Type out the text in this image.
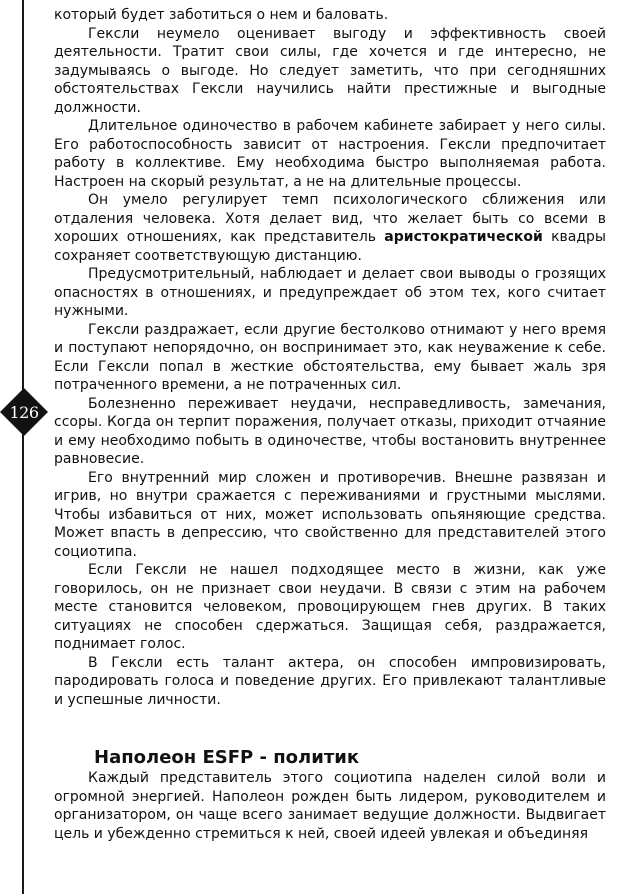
126

который будет заботиться о нем и баловать.

Гексли неумело оценивает выгоду и эффективность своей деятельности. Тратит свои силы, где хочется и где интересно, не задумываясь о выгоде. Но следует заметить, что при сегодняшних обстоятельствах Гексли научились найти престижные и выгодные должности.

Длительное одиночество в рабочем кабинете забирает у него силы. Его работоспособность зависит от настроения. Гексли предпочитает работу в коллективе. Ему необходима быстро выполняемая работа. Настроен на скорый результат, а не на длительные процессы.

Он умело регулирует темп психологического сближения или отдаления человека. Хотя делает вид, что желает быть со всеми в хороших отношениях, как представитель аристократической квадры сохраняет соответствующую дистанцию.

Предусмотрительный, наблюдает и делает свои выводы о грозящих опасностях в отношениях, и предупреждает об этом тех, кого считает нужными.

Гексли раздражает, если другие бестолково отнимают у него время и поступают непорядочно, он воспринимает это, как неуважение к себе. Если Гексли попал в жесткие обстоятельства, ему бывает жаль зря потраченного времени, а не потраченных сил.

Болезненно переживает неудачи, несправедливость, замечания, ссоры. Когда он терпит поражения, получает отказы, приходит отчаяние и ему необходимо побыть в одиночестве, чтобы востановить внутреннее равновесие.

Его внутренний мир сложен и противоречив. Внешне развязан и игрив, но внутри сражается с переживаниями и грустными мыслями. Чтобы избавиться от них, может использовать опьяняющие средства. Может впасть в депрессию, что свойственно для представителей этого социотипа.

Если Гексли не нашел подходящее место в жизни, как уже говорилось, он не признает свои неудачи. В связи с этим на рабочем месте становится человеком, провоцирующем гнев других. В таких ситуациях не способен сдержаться. Защищая себя, раздражается, поднимает голос.

В Гексли есть талант актера, он способен импровизировать, пародировать голоса и поведение других. Его привлекают талантливые и успешные личности.

Наполеон ESFP - политик

Каждый представитель этого социотипа наделен силой воли и огромной энергией. Наполеон рожден быть лидером, руководителем и организатором, он чаще всего занимает ведущие должности. Выдвигает цель и убежденно стремиться к ней, своей идеей увлекая и объединяя
